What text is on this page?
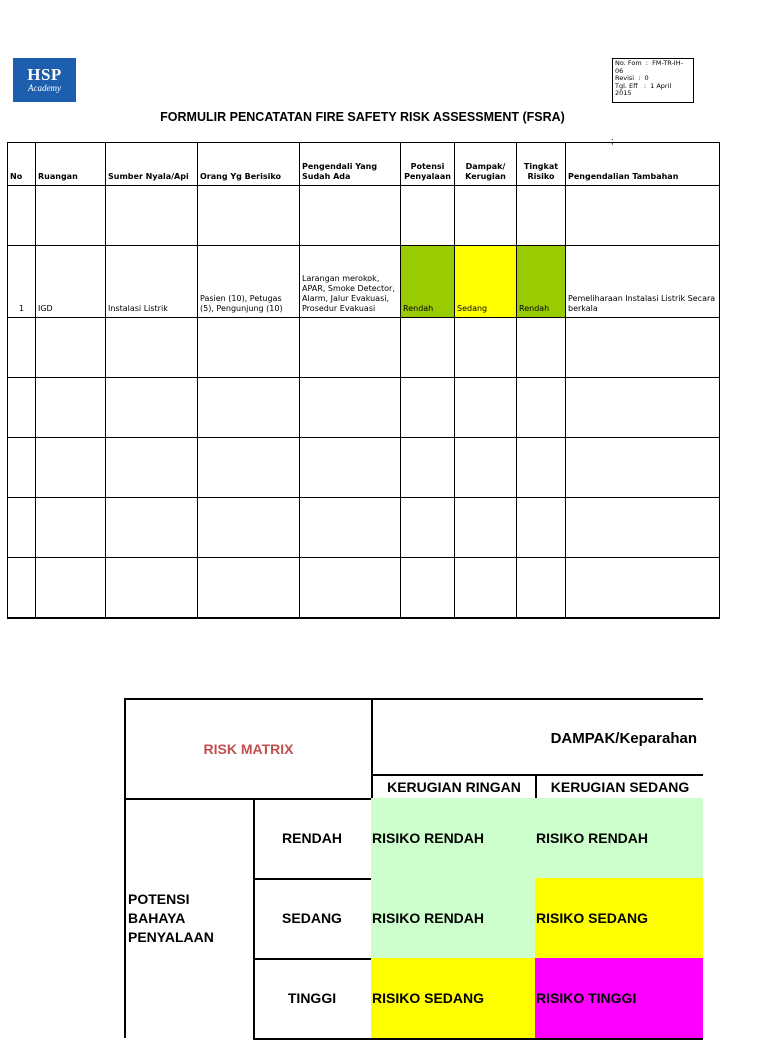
HSP
Academy
No. Fom  :  FM-TR-IH-
06
Revisi  :  0
Tgl. Eff   :  1 April
2015
FORMULIR PENCATATAN FIRE SAFETY RISK ASSESSMENT (FSRA)
;
No	Ruangan	Sumber Nyala/Api	Orang Yg Berisiko	Pengendali Yang Sudah Ada	Potensi Penyalaan	Dampak/ Kerugian	Tingkat Risiko	Pengendalian Tambahan

1	IGD	Instalasi Listrik	Pasien (10), Petugas (5), Pengunjung (10)	Larangan merokok, APAR, Smoke Detector, Alarm, Jalur Evakuasi, Prosedur Evakuasi	Rendah	Sedang	Rendah	Pemeliharaan Instalasi Listrik Secara berkala

RISK MATRIX
DAMPAK/Keparahan
KERUGIAN RINGAN	KERUGIAN SEDANG
POTENSI
BAHAYA
PENYALAAN
RENDAH	RISIKO RENDAH	RISIKO RENDAH
SEDANG	RISIKO RENDAH	RISIKO SEDANG
TINGGI	RISIKO SEDANG	RISIKO TINGGI
